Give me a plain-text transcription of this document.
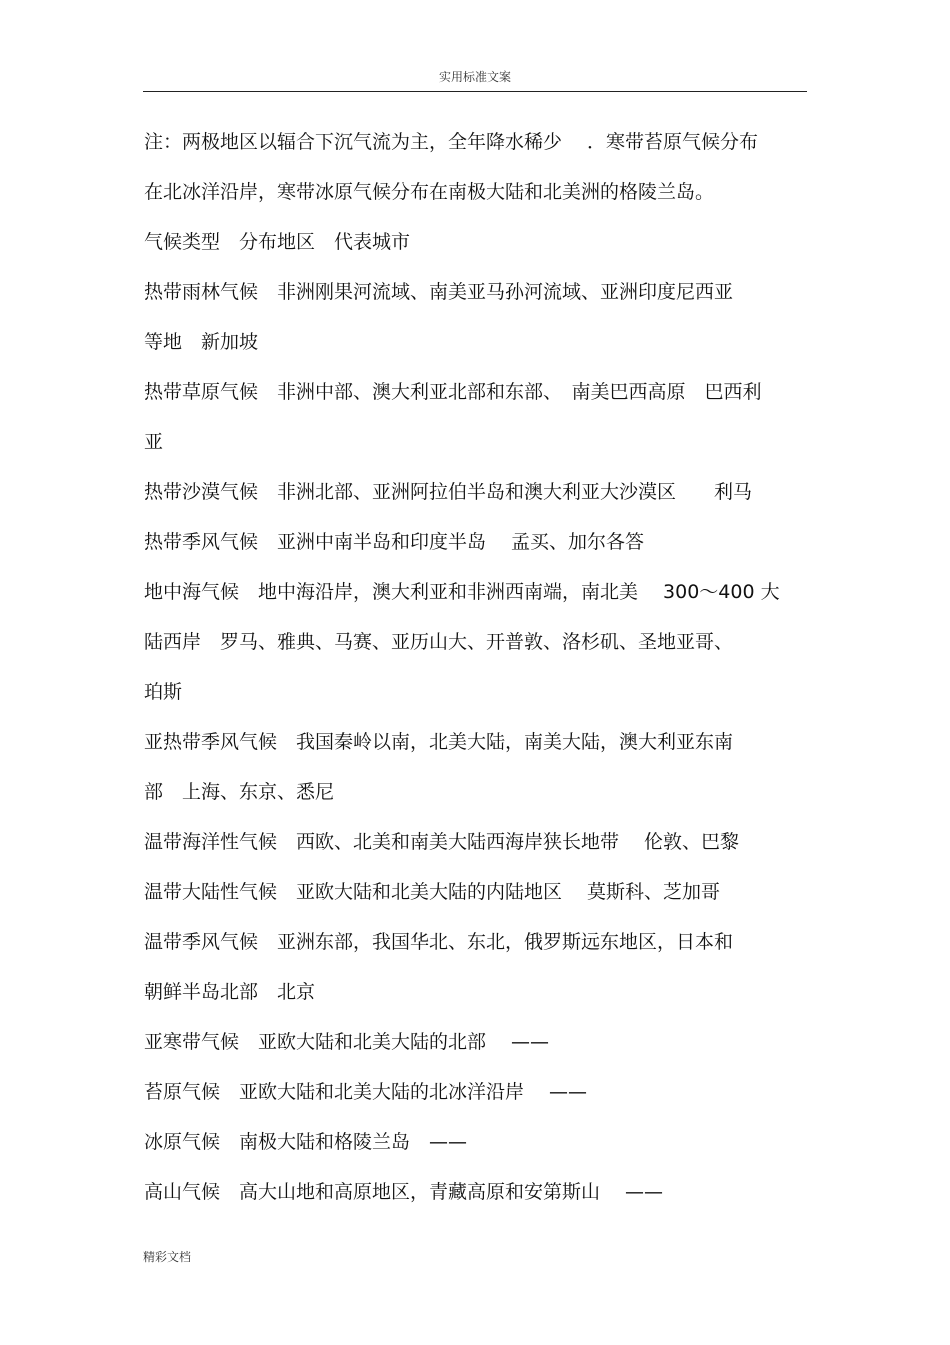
实用标准文案
注：两极地区以辐合下沉气流为主，全年降水稀少 　．寒带苔原气候分布
在北冰洋沿岸，寒带冰原气候分布在南极大陆和北美洲的格陵兰岛。
气候类型　分布地区　代表城市
热带雨林气候　非洲刚果河流域、南美亚马孙河流域、亚洲印度尼西亚
等地　新加坡
热带草原气候　非洲中部、澳大利亚北部和东部、　南美巴西高原　巴西利
亚
热带沙漠气候　非洲北部、亚洲阿拉伯半岛和澳大利亚大沙漠区　　利马
热带季风气候　亚洲中南半岛和印度半岛　 孟买、加尔各答
地中海气候　地中海沿岸，澳大利亚和非洲西南端，南北美　 300～400 大
陆西岸　罗马、雅典、马赛、亚历山大、开普敦、洛杉矶、圣地亚哥、
珀斯
亚热带季风气候　我国秦岭以南，北美大陆，南美大陆，澳大利亚东南
部　上海、东京、悉尼
温带海洋性气候　西欧、北美和南美大陆西海岸狭长地带　 伦敦、巴黎
温带大陆性气候　亚欧大陆和北美大陆的内陆地区　 莫斯科、芝加哥
温带季风气候　亚洲东部，我国华北、东北，俄罗斯远东地区，日本和
朝鲜半岛北部　北京
亚寒带气候　亚欧大陆和北美大陆的北部　 ——
苔原气候　亚欧大陆和北美大陆的北冰洋沿岸　 ——
冰原气候　南极大陆和格陵兰岛　——
高山气候　高大山地和高原地区，青藏高原和安第斯山　 ——
精彩文档
